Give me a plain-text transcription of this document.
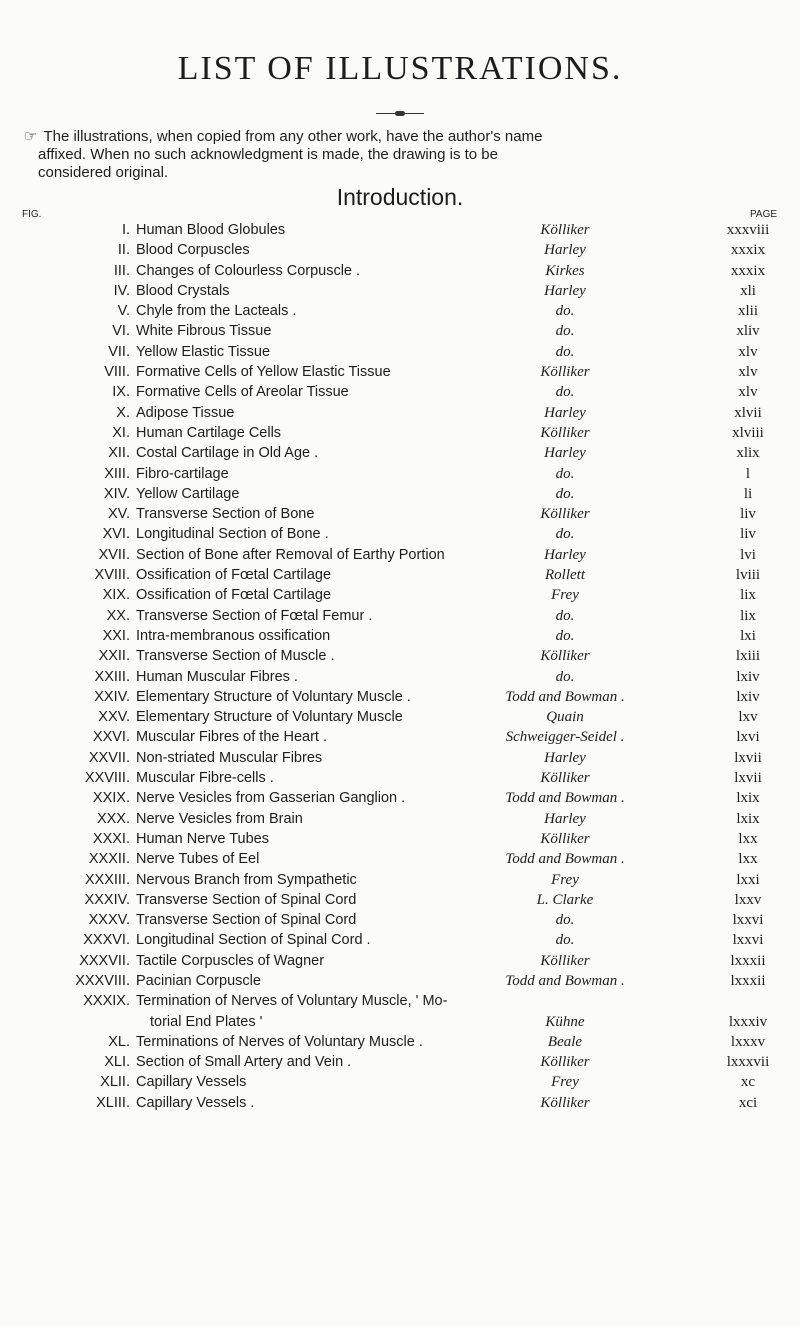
LIST OF ILLUSTRATIONS.
☞ The illustrations, when copied from any other work, have the author's name
affixed. When no such acknowledgment is made, the drawing is to be
considered original.
Introduction.
FIG.	PAGE
I. Human Blood Globules	Kölliker	xxxviii
II. Blood Corpuscles	Harley	xxxix
III. Changes of Colourless Corpuscle .	Kirkes	xxxix
IV. Blood Crystals	Harley	xli
V. Chyle from the Lacteals .	do.	xlii
VI. White Fibrous Tissue	do.	xliv
VII. Yellow Elastic Tissue	do.	xlv
VIII. Formative Cells of Yellow Elastic Tissue	Kölliker	xlv
IX. Formative Cells of Areolar Tissue	do.	xlv
X. Adipose Tissue	Harley	xlvii
XI. Human Cartilage Cells	Kölliker	xlviii
XII. Costal Cartilage in Old Age .	Harley	xlix
XIII. Fibro-cartilage	do.	l
XIV. Yellow Cartilage	do.	li
XV. Transverse Section of Bone	Kölliker	liv
XVI. Longitudinal Section of Bone .	do.	liv
XVII. Section of Bone after Removal of Earthy Portion	Harley	lvi
XVIII. Ossification of Fœtal Cartilage	Rollett	lviii
XIX. Ossification of Fœtal Cartilage	Frey	lix
XX. Transverse Section of Fœtal Femur .	do.	lix
XXI. Intra-membranous ossification	do.	lxi
XXII. Transverse Section of Muscle .	Kölliker	lxiii
XXIII. Human Muscular Fibres .	do.	lxiv
XXIV. Elementary Structure of Voluntary Muscle .	Todd and Bowman .	lxiv
XXV. Elementary Structure of Voluntary Muscle	Quain	lxv
XXVI. Muscular Fibres of the Heart .	Schweigger-Seidel .	lxvi
XXVII. Non-striated Muscular Fibres	Harley	lxvii
XXVIII. Muscular Fibre-cells .	Kölliker	lxvii
XXIX. Nerve Vesicles from Gasserian Ganglion .	Todd and Bowman .	lxix
XXX. Nerve Vesicles from Brain	Harley	lxix
XXXI. Human Nerve Tubes	Kölliker	lxx
XXXII. Nerve Tubes of Eel	Todd and Bowman .	lxx
XXXIII. Nervous Branch from Sympathetic	Frey	lxxi
XXXIV. Transverse Section of Spinal Cord	L. Clarke	lxxv
XXXV. Transverse Section of Spinal Cord	do.	lxxvi
XXXVI. Longitudinal Section of Spinal Cord .	do.	lxxvi
XXXVII. Tactile Corpuscles of Wagner	Kölliker	lxxxii
XXXVIII. Pacinian Corpuscle	Todd and Bowman .	lxxxii
XXXIX. Termination of Nerves of Voluntary Muscle, ' Mo-
torial End Plates '	Kühne	lxxxiv
XL. Terminations of Nerves of Voluntary Muscle .	Beale	lxxxv
XLI. Section of Small Artery and Vein .	Kölliker	lxxxvii
XLII. Capillary Vessels	Frey	xc
XLIII. Capillary Vessels .	Kölliker	xci
